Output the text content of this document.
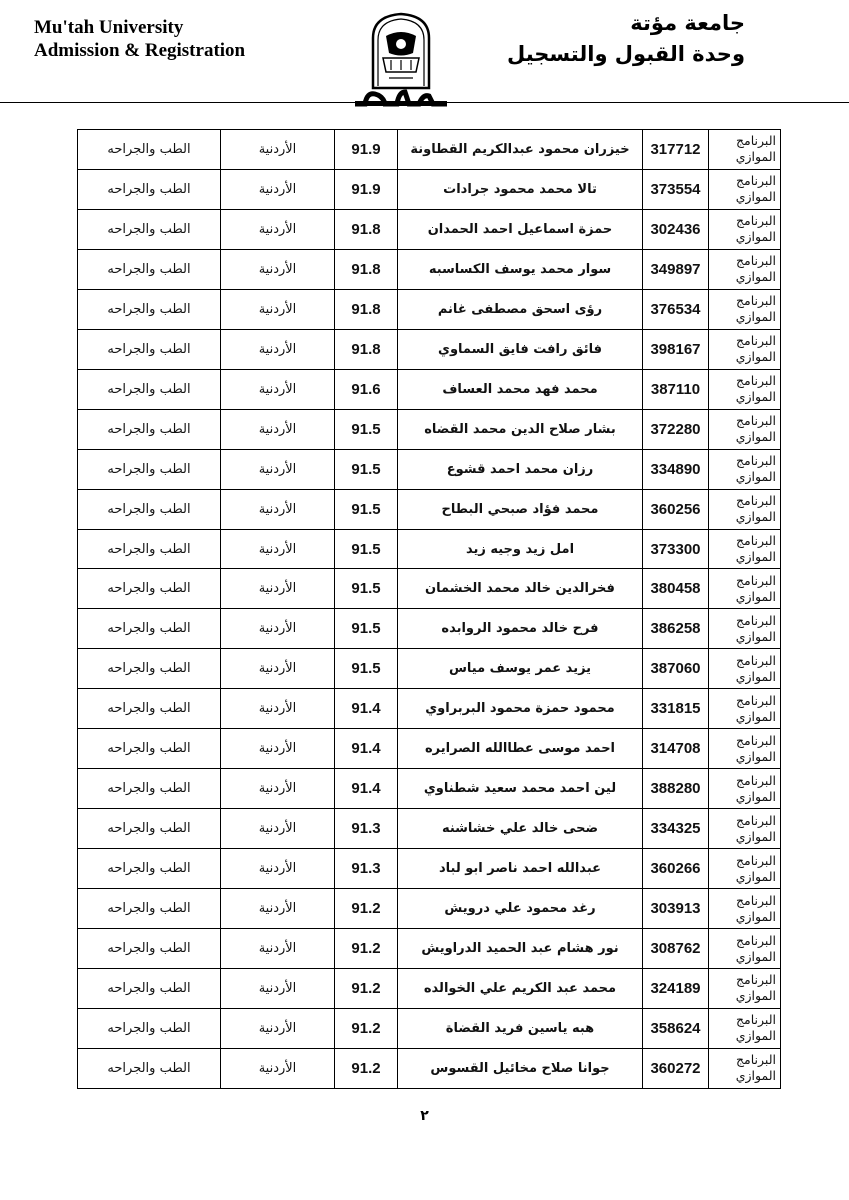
Mu'tah University
Admission & Registration
جامعة مؤتة
وحدة القبول والتسجيل
البرنامج الموازي	317712	خيزران محمود عبدالكريم القطاونة	91.9	الأردنية	الطب والجراحه
البرنامج الموازي	373554	تالا محمد محمود جرادات	91.9	الأردنية	الطب والجراحه
البرنامج الموازي	302436	حمزة اسماعيل احمد الحمدان	91.8	الأردنية	الطب والجراحه
البرنامج الموازي	349897	سوار محمد يوسف الكساسبه	91.8	الأردنية	الطب والجراحه
البرنامج الموازي	376534	رؤى اسحق مصطفى غانم	91.8	الأردنية	الطب والجراحه
البرنامج الموازي	398167	فائق رافت فايق السماوي	91.8	الأردنية	الطب والجراحه
البرنامج الموازي	387110	محمد فهد محمد العساف	91.6	الأردنية	الطب والجراحه
البرنامج الموازي	372280	بشار صلاح الدين محمد القضاه	91.5	الأردنية	الطب والجراحه
البرنامج الموازي	334890	رزان محمد احمد قشوع	91.5	الأردنية	الطب والجراحه
البرنامج الموازي	360256	محمد فؤاد صبحي البطاح	91.5	الأردنية	الطب والجراحه
البرنامج الموازي	373300	امل زيد وجيه زيد	91.5	الأردنية	الطب والجراحه
البرنامج الموازي	380458	فخرالدين خالد محمد الخشمان	91.5	الأردنية	الطب والجراحه
البرنامج الموازي	386258	فرح خالد محمود الروابده	91.5	الأردنية	الطب والجراحه
البرنامج الموازي	387060	يزيد عمر يوسف مياس	91.5	الأردنية	الطب والجراحه
البرنامج الموازي	331815	محمود حمزة محمود البربراوي	91.4	الأردنية	الطب والجراحه
البرنامج الموازي	314708	احمد موسى عطاالله الصرايره	91.4	الأردنية	الطب والجراحه
البرنامج الموازي	388280	لين احمد محمد سعيد شطناوي	91.4	الأردنية	الطب والجراحه
البرنامج الموازي	334325	ضحى خالد علي خشاشنه	91.3	الأردنية	الطب والجراحه
البرنامج الموازي	360266	عبدالله احمد ناصر ابو لباد	91.3	الأردنية	الطب والجراحه
البرنامج الموازي	303913	رغد محمود علي درويش	91.2	الأردنية	الطب والجراحه
البرنامج الموازي	308762	نور هشام عبد الحميد الدراويش	91.2	الأردنية	الطب والجراحه
البرنامج الموازي	324189	محمد عبد الكريم علي الخوالده	91.2	الأردنية	الطب والجراحه
البرنامج الموازي	358624	هبه ياسين فريد القضاة	91.2	الأردنية	الطب والجراحه
البرنامج الموازي	360272	جوانا صلاح مخائيل القسوس	91.2	الأردنية	الطب والجراحه
٢
